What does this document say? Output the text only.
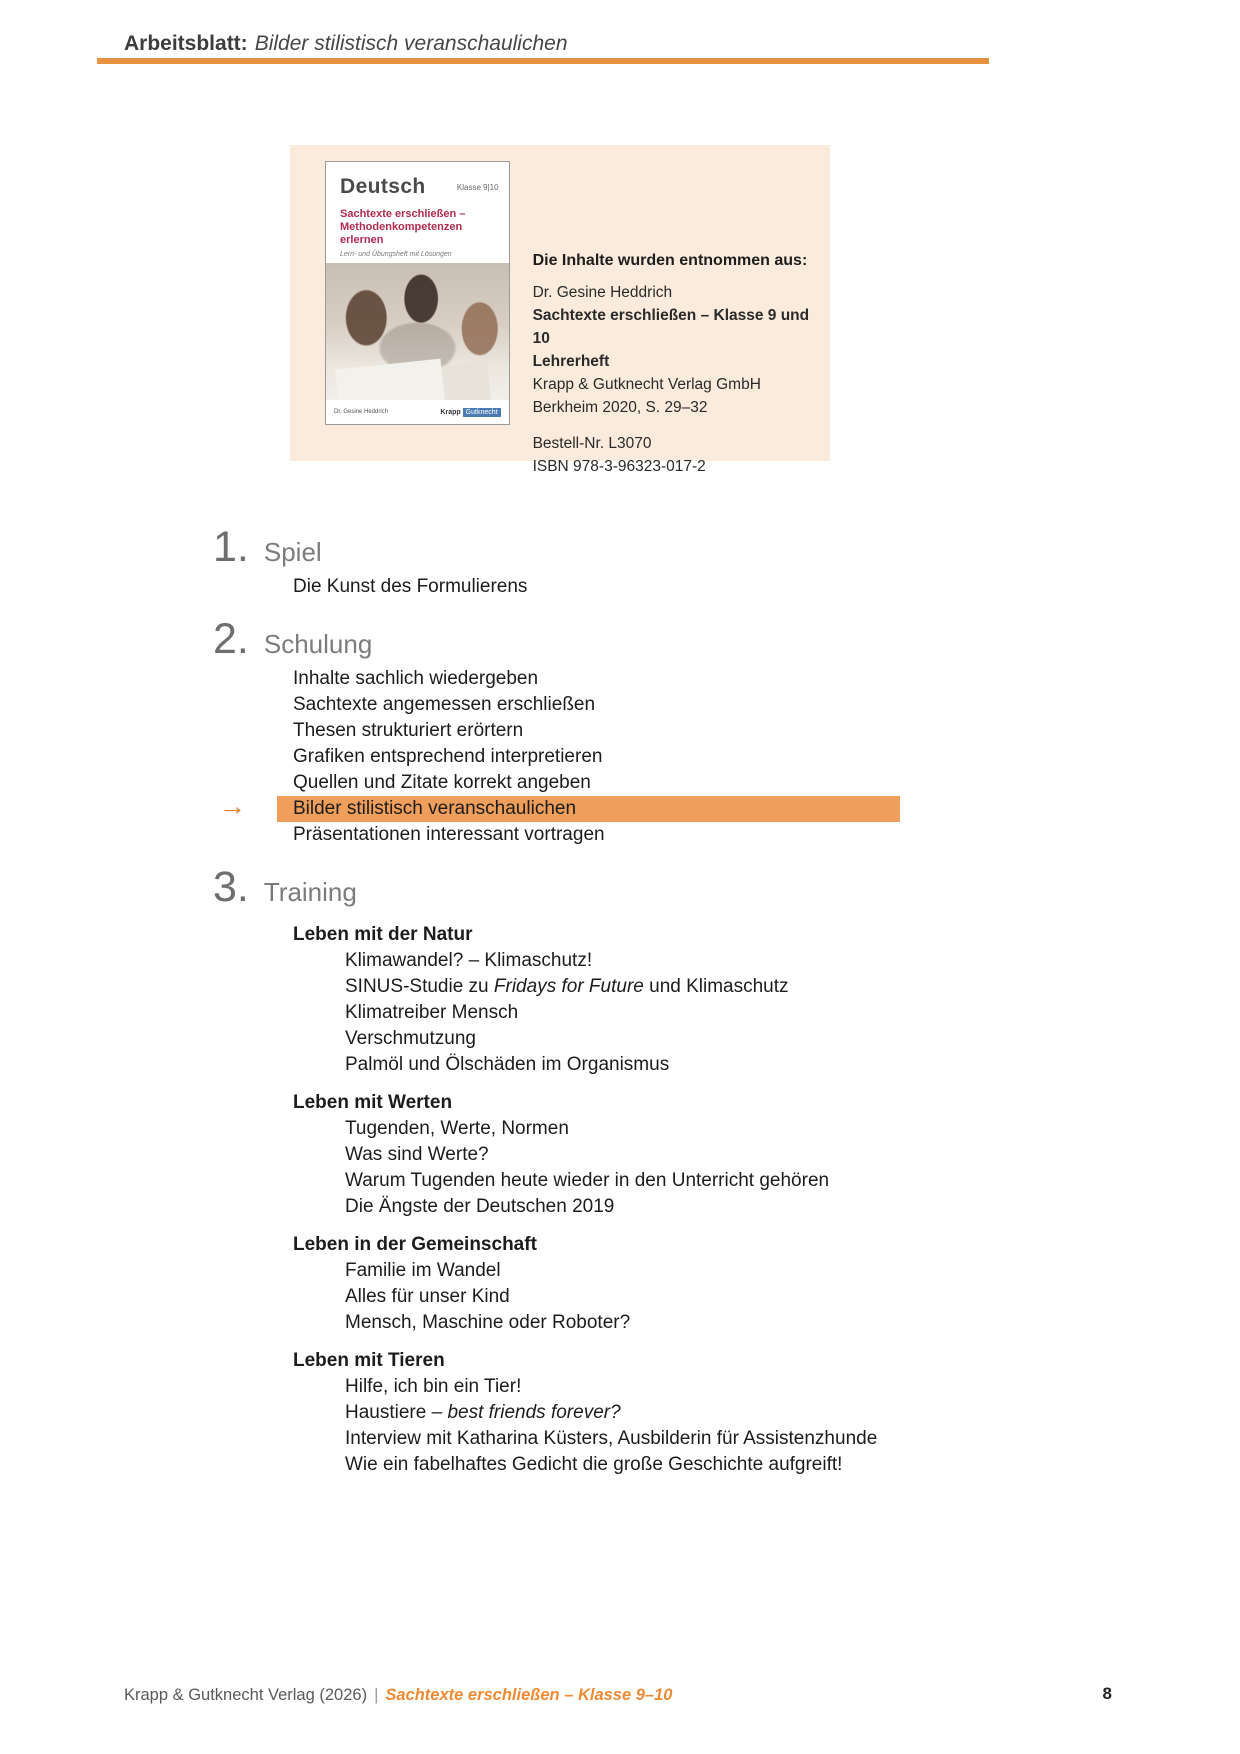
Arbeitsblatt: Bilder stilistisch veranschaulichen
Deutsch	Klasse 9|10
Sachtexte erschließen –
Methodenkompetenzen erlernen
Lern- und Übungsheft mit Lösungen
Dr. Gesine Heddrich	Krapp Gutknecht
Die Inhalte wurden entnommen aus:
Dr. Gesine Heddrich
Sachtexte erschließen – Klasse 9 und 10
Lehrerheft
Krapp & Gutknecht Verlag GmbH
Berkheim 2020, S. 29–32
Bestell-Nr. L3070
ISBN 978-3-96323-017-2
1. Spiel
Die Kunst des Formulierens
2. Schulung
Inhalte sachlich wiedergeben
Sachtexte angemessen erschließen
Thesen strukturiert erörtern
Grafiken entsprechend interpretieren
Quellen und Zitate korrekt angeben
→ Bilder stilistisch veranschaulichen
Präsentationen interessant vortragen
3. Training
Leben mit der Natur
Klimawandel? – Klimaschutz!
SINUS-Studie zu Fridays for Future und Klimaschutz
Klimatreiber Mensch
Verschmutzung
Palmöl und Ölschäden im Organismus
Leben mit Werten
Tugenden, Werte, Normen
Was sind Werte?
Warum Tugenden heute wieder in den Unterricht gehören
Die Ängste der Deutschen 2019
Leben in der Gemeinschaft
Familie im Wandel
Alles für unser Kind
Mensch, Maschine oder Roboter?
Leben mit Tieren
Hilfe, ich bin ein Tier!
Haustiere – best friends forever?
Interview mit Katharina Küsters, Ausbilderin für Assistenzhunde
Wie ein fabelhaftes Gedicht die große Geschichte aufgreift!
Krapp & Gutknecht Verlag (2026) | Sachtexte erschließen – Klasse 9–10	8
